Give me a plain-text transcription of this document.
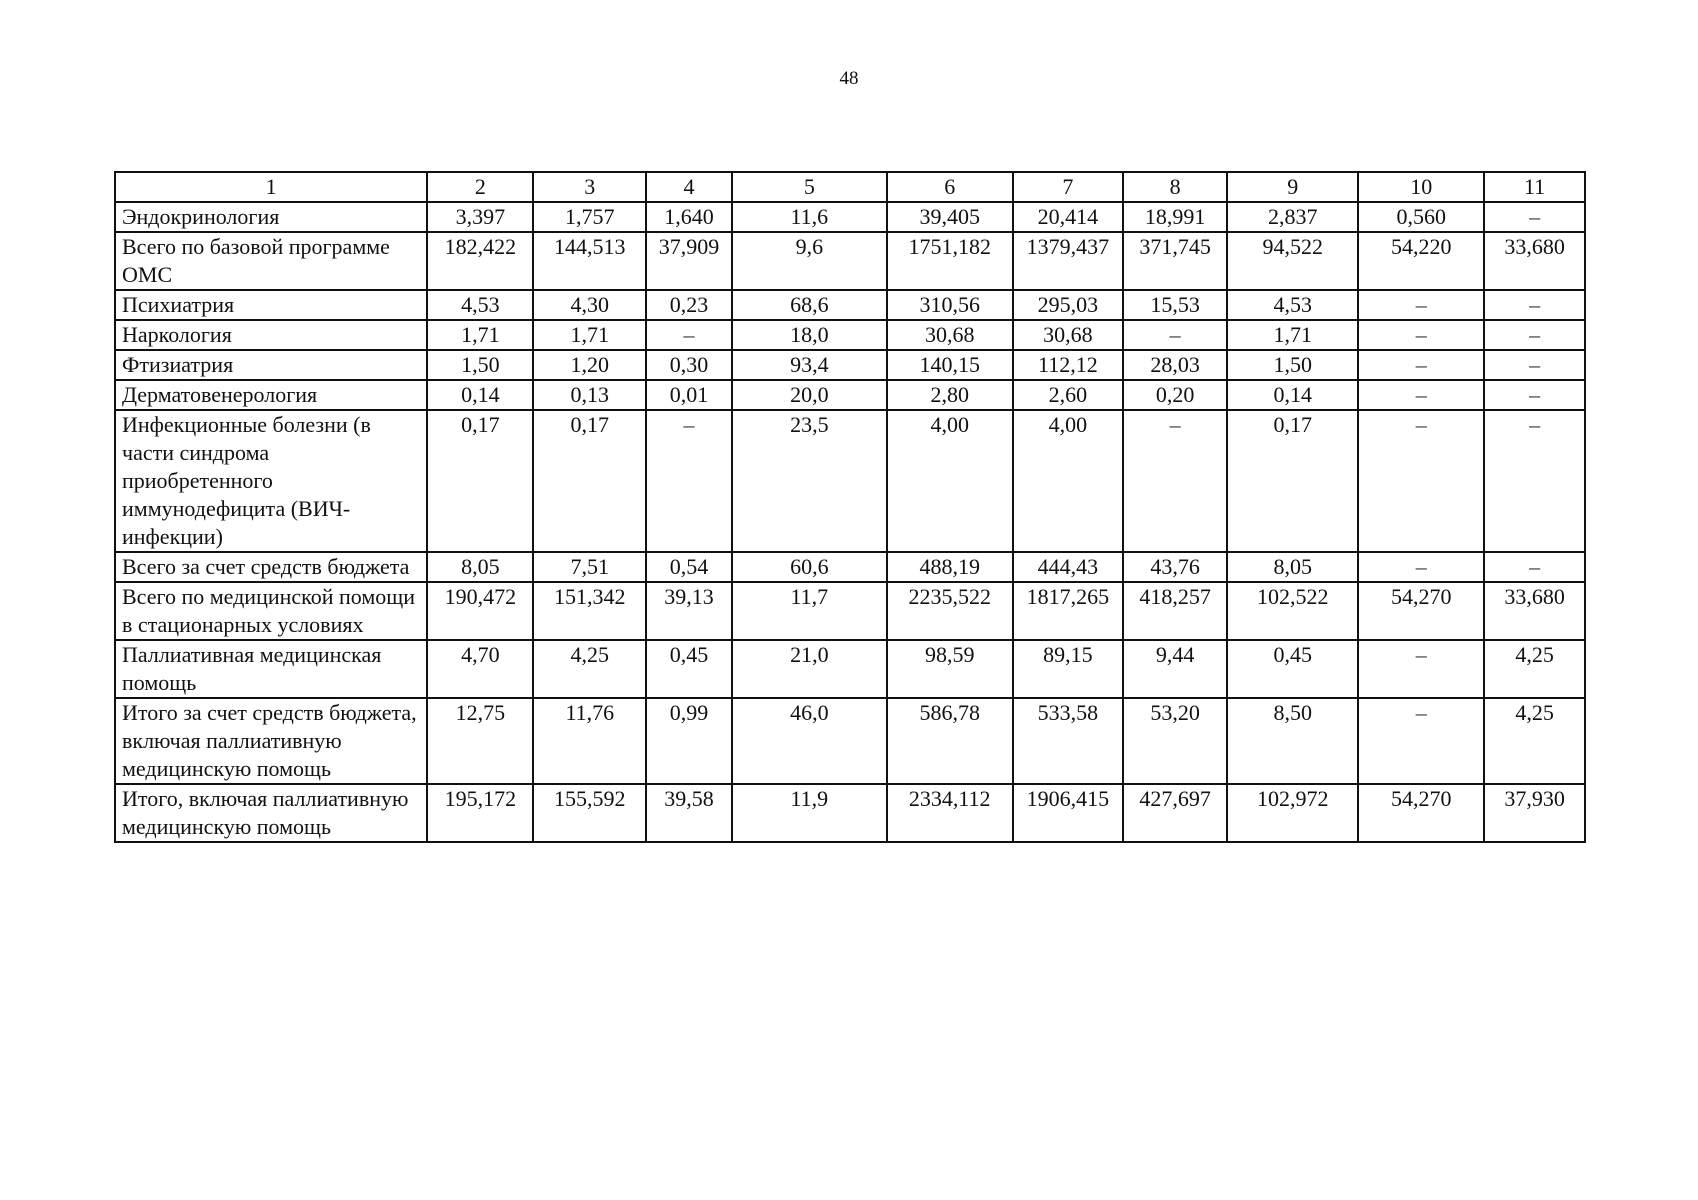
48
1	2	3	4	5	6	7	8	9	10	11
Эндокринология	3,397	1,757	1,640	11,6	39,405	20,414	18,991	2,837	0,560	–
Всего по базовой программе ОМС	182,422	144,513	37,909	9,6	1751,182	1379,437	371,745	94,522	54,220	33,680
Психиатрия	4,53	4,30	0,23	68,6	310,56	295,03	15,53	4,53	–	–
Наркология	1,71	1,71	–	18,0	30,68	30,68	–	1,71	–	–
Фтизиатрия	1,50	1,20	0,30	93,4	140,15	112,12	28,03	1,50	–	–
Дерматовенерология	0,14	0,13	0,01	20,0	2,80	2,60	0,20	0,14	–	–
Инфекционные болезни (в части синдрома приобретенного иммунодефицита (ВИЧ-инфекции)	0,17	0,17	–	23,5	4,00	4,00	–	0,17	–	–
Всего за счет средств бюджета	8,05	7,51	0,54	60,6	488,19	444,43	43,76	8,05	–	–
Всего по медицинской помощи в стационарных условиях	190,472	151,342	39,13	11,7	2235,522	1817,265	418,257	102,522	54,270	33,680
Паллиативная медицинская помощь	4,70	4,25	0,45	21,0	98,59	89,15	9,44	0,45	–	4,25
Итого за счет средств бюджета, включая паллиативную медицинскую помощь	12,75	11,76	0,99	46,0	586,78	533,58	53,20	8,50	–	4,25
Итого, включая паллиативную медицинскую помощь	195,172	155,592	39,58	11,9	2334,112	1906,415	427,697	102,972	54,270	37,930
